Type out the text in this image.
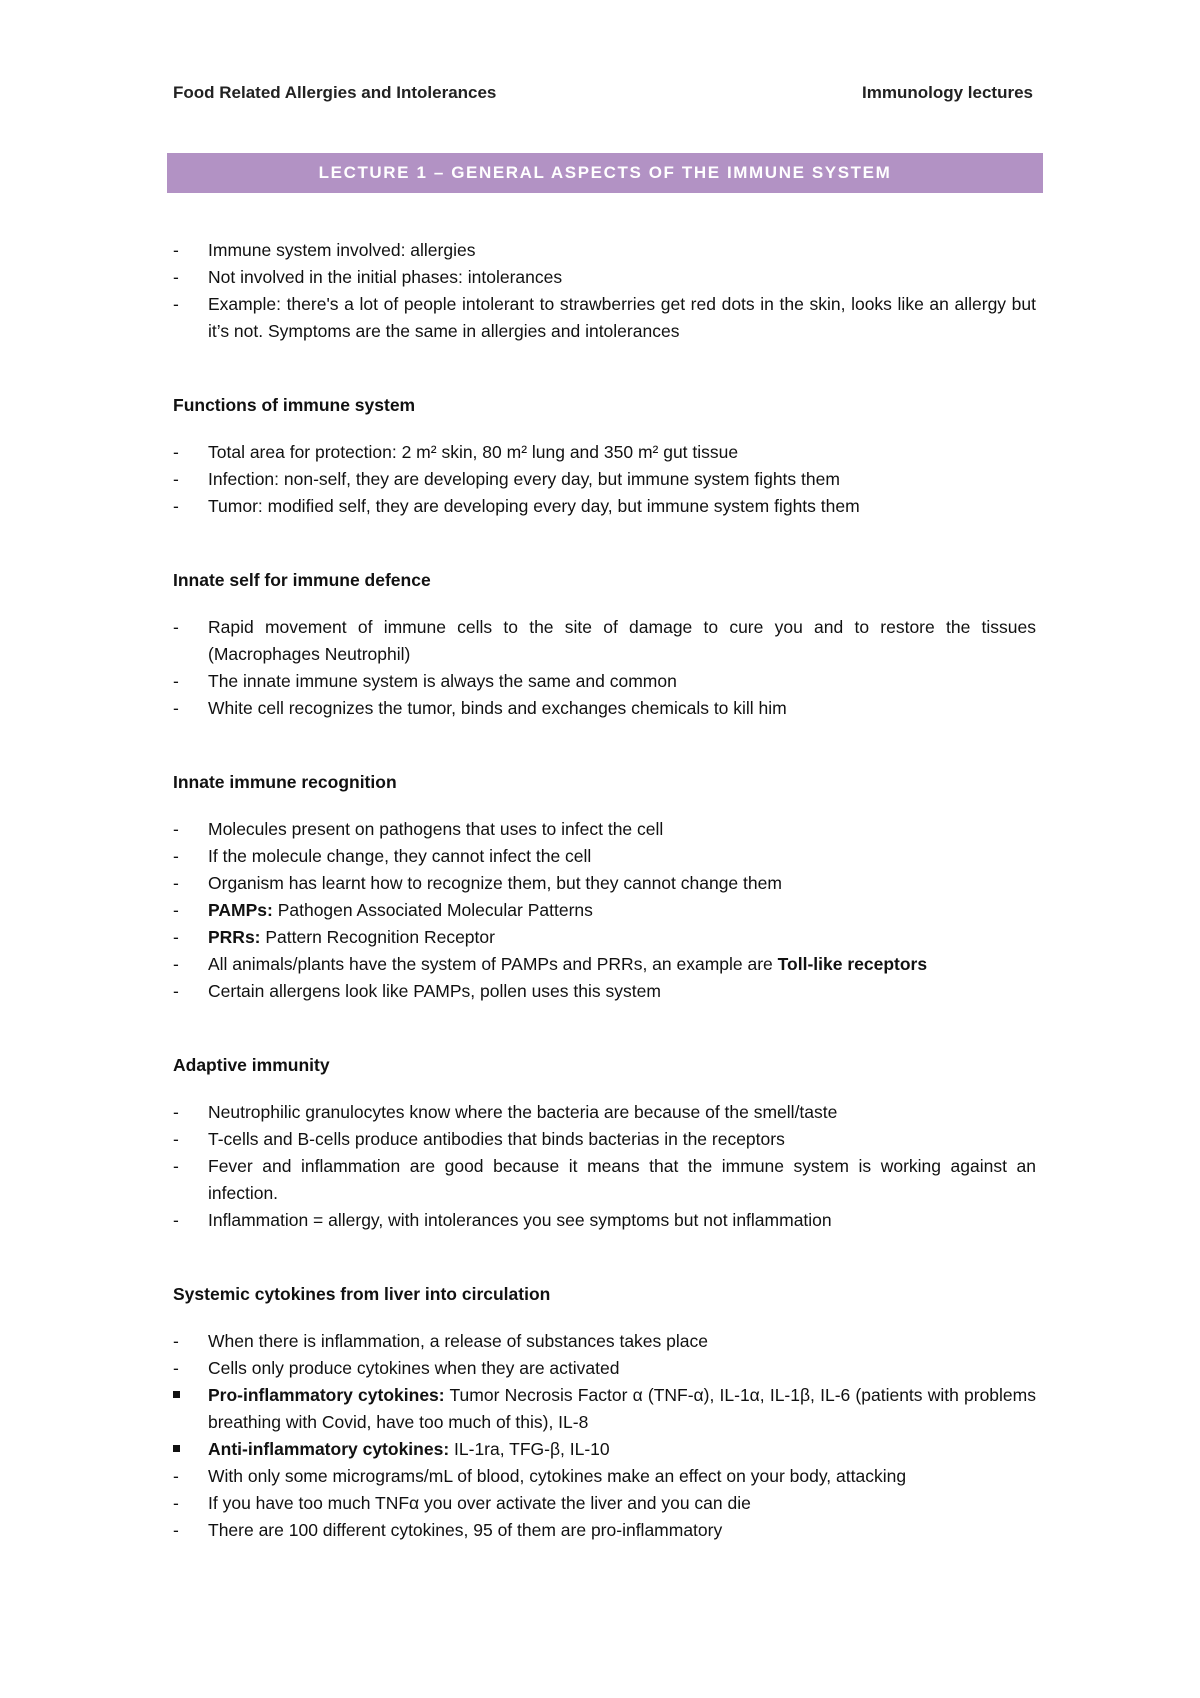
Food Related Allergies and Intolerances	Immunology lectures
LECTURE 1 – GENERAL ASPECTS OF THE IMMUNE SYSTEM
-
Immune system involved: allergies
-
Not involved in the initial phases: intolerances
-
Example: there's a lot of people intolerant to strawberries get red dots in the skin, looks like an allergy but it’s not. Symptoms are the same in allergies and intolerances
Functions of immune system
-
Total area for protection: 2 m² skin, 80 m² lung and 350 m² gut tissue
-
Infection: non-self, they are developing every day, but immune system fights them
-
Tumor: modified self, they are developing every day, but immune system fights them
Innate self for immune defence
-
Rapid movement of immune cells to the site of damage to cure you and to restore the tissues (Macrophages Neutrophil)
-
The innate immune system is always the same and common
-
White cell recognizes the tumor, binds and exchanges chemicals to kill him
Innate immune recognition
-
Molecules present on pathogens that uses to infect the cell
-
If the molecule change, they cannot infect the cell
-
Organism has learnt how to recognize them, but they cannot change them
-
PAMPs: Pathogen Associated Molecular Patterns
-
PRRs: Pattern Recognition Receptor
-
All animals/plants have the system of PAMPs and PRRs, an example are Toll-like receptors
-
Certain allergens look like PAMPs, pollen uses this system
Adaptive immunity
-
Neutrophilic granulocytes know where the bacteria are because of the smell/taste
-
T-cells and B-cells produce antibodies that binds bacterias in the receptors
-
Fever and inflammation are good because it means that the immune system is working against an infection.
-
Inflammation = allergy, with intolerances you see symptoms but not inflammation
Systemic cytokines from liver into circulation
-
When there is inflammation, a release of substances takes place
-
Cells only produce cytokines when they are activated
Pro-inflammatory cytokines: Tumor Necrosis Factor α (TNF-α), IL-1α, IL-1β, IL-6 (patients with problems breathing with Covid, have too much of this), IL-8
Anti-inflammatory cytokines: IL-1ra, TFG-β, IL-10
-
With only some micrograms/mL of blood, cytokines make an effect on your body, attacking
-
If you have too much TNFα you over activate the liver and you can die
-
There are 100 different cytokines, 95 of them are pro-inflammatory
